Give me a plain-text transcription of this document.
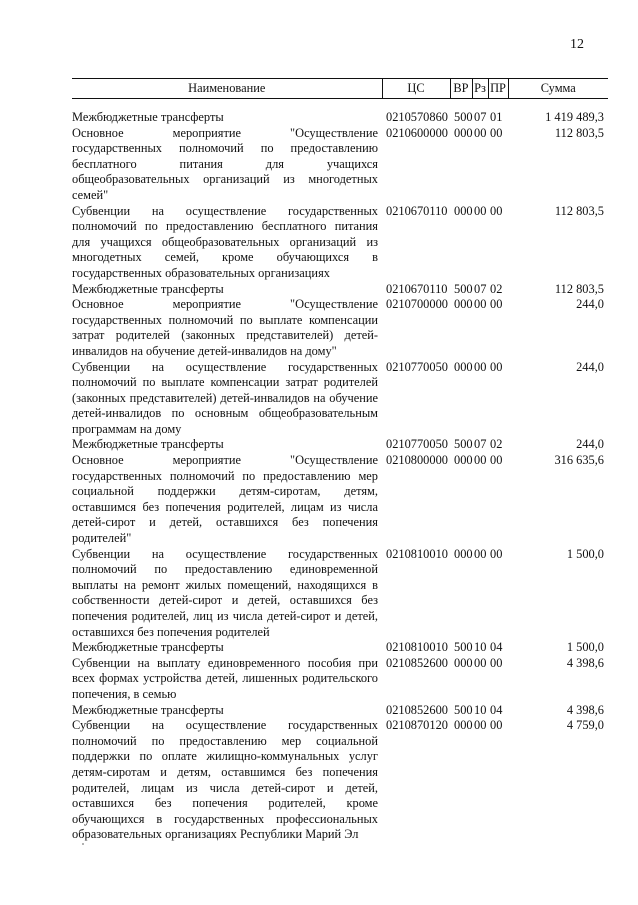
12
Наименование	ЦС	ВР	Рз	ПР	Сумма
Межбюджетные трансферты	0210570860	500	07	01	1 419 489,3
Основное мероприятие "Осуществление государственных полномочий по предоставлению бесплатного питания для учащихся общеобразовательных организаций из многодетных семей"	0210600000	000	00	00	112 803,5
Субвенции на осуществление государственных полномочий по предоставлению бесплатного питания для учащихся общеобразовательных организаций из многодетных семей, кроме обучающихся в государственных образовательных организациях	0210670110	000	00	00	112 803,5
Межбюджетные трансферты	0210670110	500	07	02	112 803,5
Основное мероприятие "Осуществление государственных полномочий по выплате компенсации затрат родителей (законных представителей) детей-инвалидов на обучение детей-инвалидов на дому"	0210700000	000	00	00	244,0
Субвенции на осуществление государственных полномочий по выплате компенсации затрат родителей (законных представителей) детей-инвалидов на обучение детей-инвалидов по основным общеобразовательным программам на дому	0210770050	000	00	00	244,0
Межбюджетные трансферты	0210770050	500	07	02	244,0
Основное мероприятие "Осуществление государственных полномочий по предоставлению мер социальной поддержки детям-сиротам, детям, оставшимся без попечения родителей, лицам из числа детей-сирот и детей, оставшихся без попечения родителей"	0210800000	000	00	00	316 635,6
Субвенции на осуществление государственных полномочий по предоставлению единовременной выплаты на ремонт жилых помещений, находящихся в собственности детей-сирот и детей, оставшихся без попечения родителей, лиц из числа детей-сирот и детей, оставшихся без попечения родителей	0210810010	000	00	00	1 500,0
Межбюджетные трансферты	0210810010	500	10	04	1 500,0
Субвенции на выплату единовременного пособия при всех формах устройства детей, лишенных родительского попечения, в семью	0210852600	000	00	00	4 398,6
Межбюджетные трансферты	0210852600	500	10	04	4 398,6
Субвенции на осуществление государственных полномочий по предоставлению мер социальной поддержки по оплате жилищно-коммунальных услуг детям-сиротам и детям, оставшимся без попечения родителей, лицам из числа детей-сирот и детей, оставшихся без попечения родителей, кроме обучающихся в государственных профессиональных образовательных организациях Республики Марий Эл	0210870120	000	00	00	4 759,0
